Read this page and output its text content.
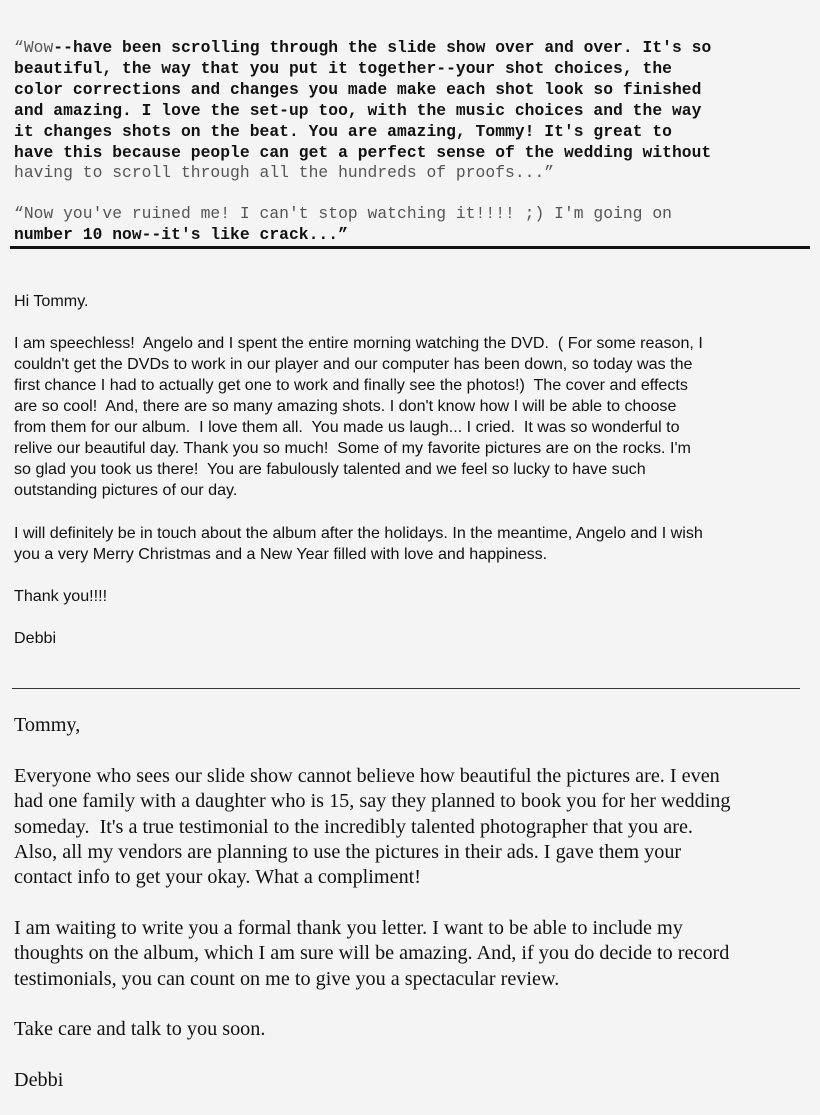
“Wow--have been scrolling through the slide show over and over. It's so

beautiful, the way that you put it together--your shot choices, the

color corrections and changes you made make each shot look so finished

and amazing. I love the set-up too, with the music choices and the way

it changes shots on the beat. You are amazing, Tommy! It's great to

have this because people can get a perfect sense of the wedding without

having to scroll through all the hundreds of proofs...”

“Now you've ruined me! I can't stop watching it!!!! ;) I'm going on

number 10 now--it's like crack...”

Hi Tommy.

I am speechless!  Angelo and I spent the entire morning watching the DVD.  ( For some reason, I

couldn't get the DVDs to work in our player and our computer has been down, so today was the

first chance I had to actually get one to work and finally see the photos!)  The cover and effects

are so cool!  And, there are so many amazing shots. I don't know how I will be able to choose

from them for our album.  I love them all.  You made us laugh... I cried.  It was so wonderful to

relive our beautiful day. Thank you so much!  Some of my favorite pictures are on the rocks. I'm

so glad you took us there!  You are fabulously talented and we feel so lucky to have such

outstanding pictures of our day.

I will definitely be in touch about the album after the holidays. In the meantime, Angelo and I wish

you a very Merry Christmas and a New Year filled with love and happiness.

Thank you!!!!

Debbi

Tommy,

Everyone who sees our slide show cannot believe how beautiful the pictures are. I even

had one family with a daughter who is 15, say they planned to book you for her wedding

someday.  It's a true testimonial to the incredibly talented photographer that you are.

Also, all my vendors are planning to use the pictures in their ads. I gave them your

contact info to get your okay. What a compliment!

I am waiting to write you a formal thank you letter. I want to be able to include my

thoughts on the album, which I am sure will be amazing. And, if you do decide to record

testimonials, you can count on me to give you a spectacular review.

Take care and talk to you soon.

Debbi
